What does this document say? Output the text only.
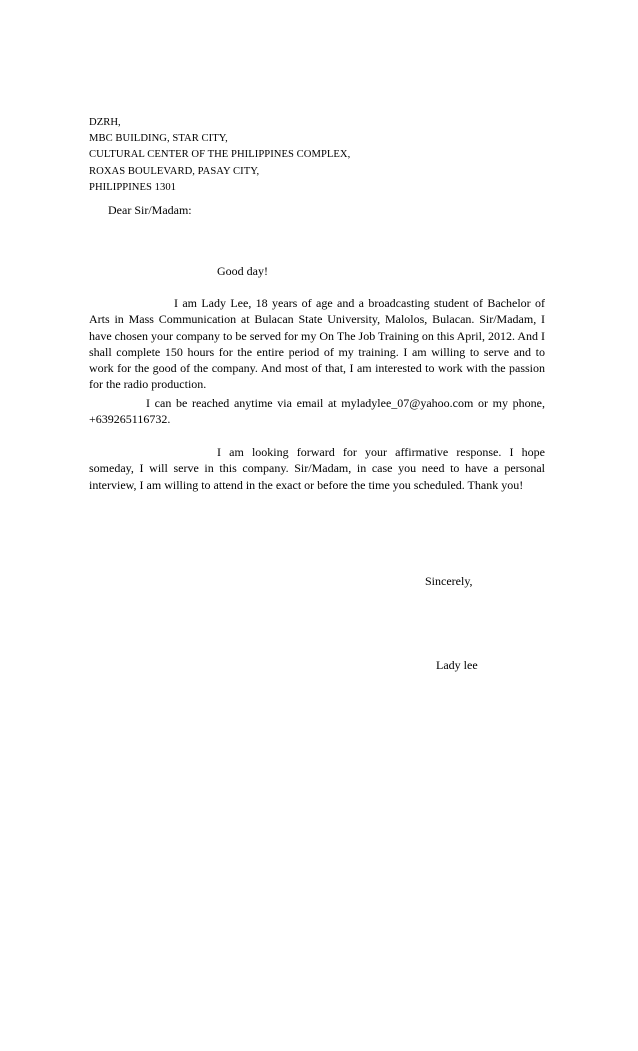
DZRH,
MBC BUILDING, STAR CITY,
CULTURAL CENTER OF THE PHILIPPINES COMPLEX,
ROXAS BOULEVARD, PASAY CITY,
PHILIPPINES 1301
Dear Sir/Madam:
Good day!

I am Lady Lee, 18 years of age and a broadcasting student of Bachelor of Arts in Mass Communication at Bulacan State University, Malolos, Bulacan. Sir/Madam, I have chosen your company to be served for my On The Job Training on this April, 2012. And I shall complete 150 hours for the entire period of my training. I am willing to serve and to work for the good of the company. And most of that, I am interested to work with the passion for the radio production.

I can be reached anytime via email at myladylee_07@yahoo.com or my phone, +639265116732.

I am looking forward for your affirmative response. I hope someday, I will serve in this company. Sir/Madam, in case you need to have a personal interview, I am willing to attend in the exact or before the time you scheduled. Thank you!

Sincerely,
Lady lee
